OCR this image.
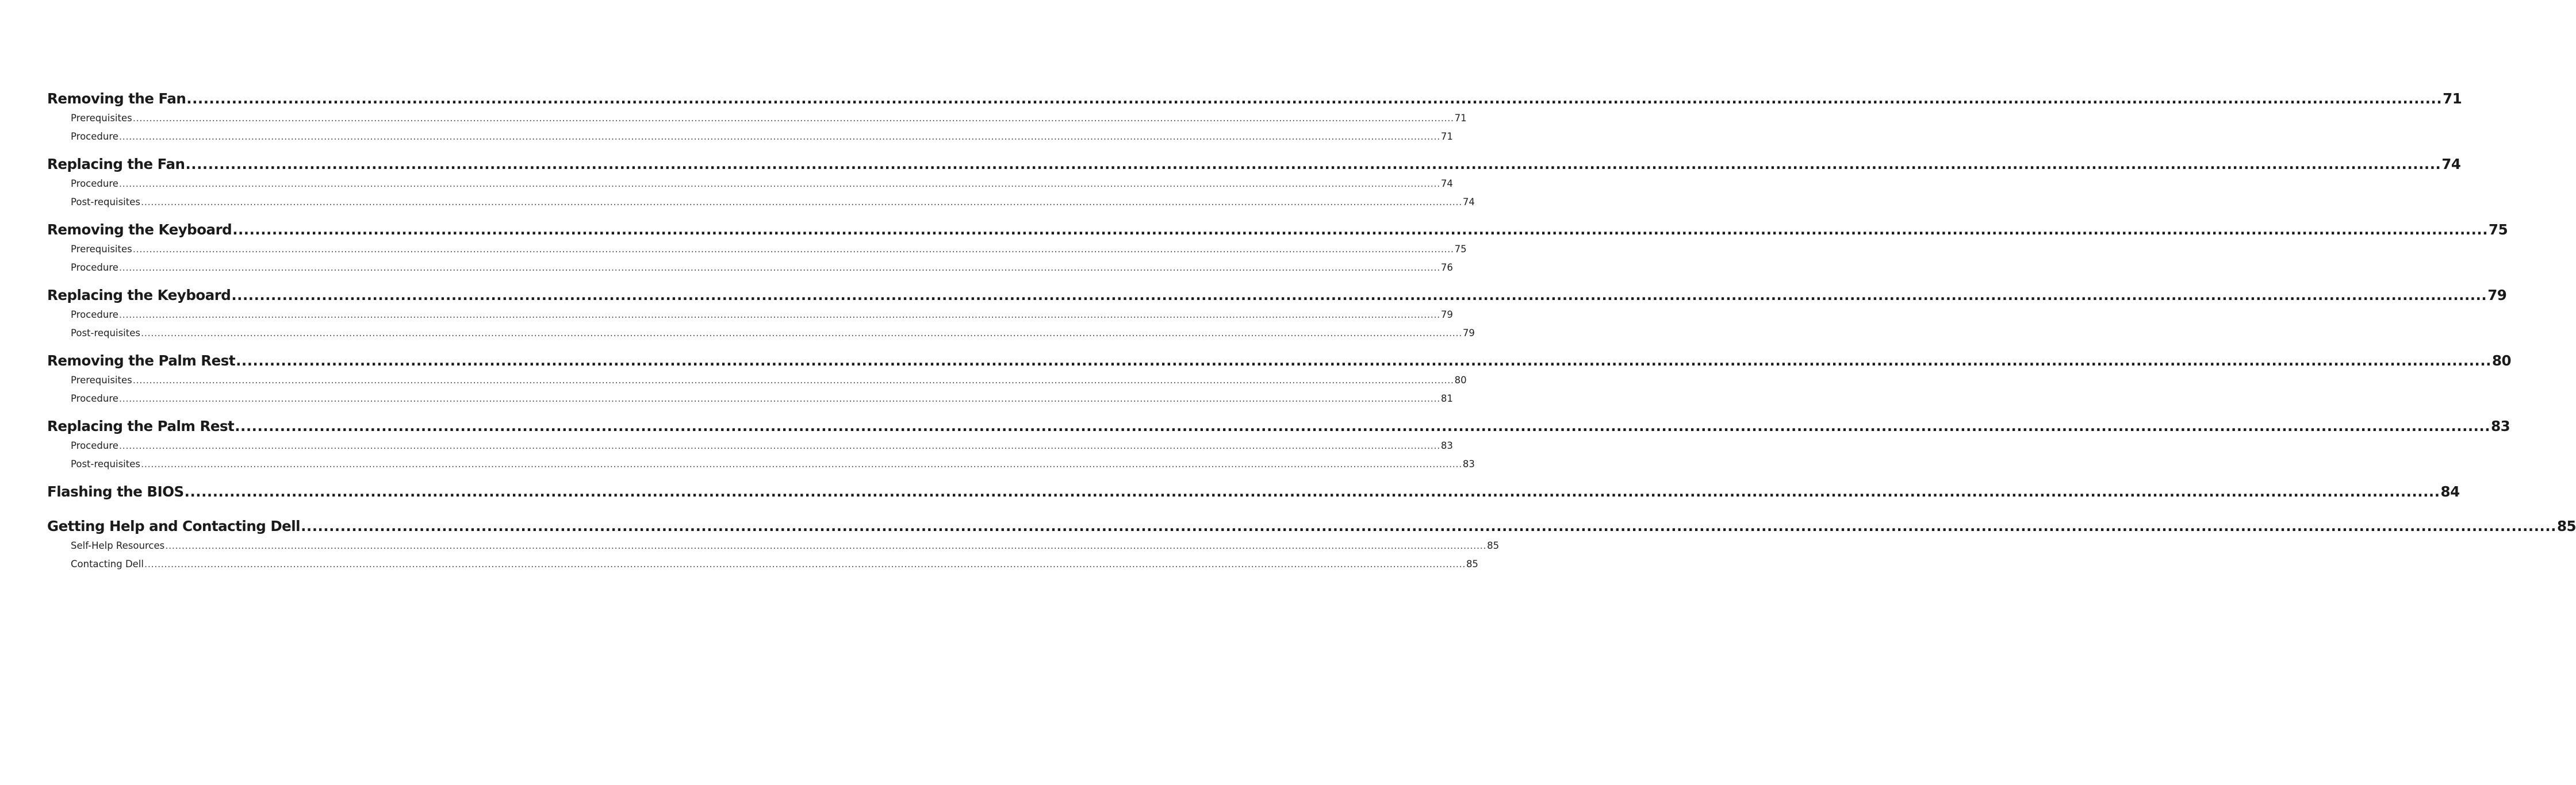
Removing the Fan ................................................................................................................................................................................................................................................................................................................................................................................................................ 71
Prerequisites ................................................................................................................................................................................................................................................................................................................................................................................................................ 71
Procedure ................................................................................................................................................................................................................................................................................................................................................................................................................ 71
Replacing the Fan ................................................................................................................................................................................................................................................................................................................................................................................................................ 74
Procedure ................................................................................................................................................................................................................................................................................................................................................................................................................ 74
Post-requisites ................................................................................................................................................................................................................................................................................................................................................................................................................ 74
Removing the Keyboard ................................................................................................................................................................................................................................................................................................................................................................................................................ 75
Prerequisites ................................................................................................................................................................................................................................................................................................................................................................................................................ 75
Procedure ................................................................................................................................................................................................................................................................................................................................................................................................................ 76
Replacing the Keyboard ................................................................................................................................................................................................................................................................................................................................................................................................................ 79
Procedure ................................................................................................................................................................................................................................................................................................................................................................................................................ 79
Post-requisites ................................................................................................................................................................................................................................................................................................................................................................................................................ 79
Removing the Palm Rest ................................................................................................................................................................................................................................................................................................................................................................................................................ 80
Prerequisites ................................................................................................................................................................................................................................................................................................................................................................................................................ 80
Procedure ................................................................................................................................................................................................................................................................................................................................................................................................................ 81
Replacing the Palm Rest ................................................................................................................................................................................................................................................................................................................................................................................................................ 83
Procedure ................................................................................................................................................................................................................................................................................................................................................................................................................ 83
Post-requisites ................................................................................................................................................................................................................................................................................................................................................................................................................ 83
Flashing the BIOS ................................................................................................................................................................................................................................................................................................................................................................................................................ 84
Getting Help and Contacting Dell ................................................................................................................................................................................................................................................................................................................................................................................................................ 85
Self-Help Resources ................................................................................................................................................................................................................................................................................................................................................................................................................ 85
Contacting Dell ................................................................................................................................................................................................................................................................................................................................................................................................................ 85
